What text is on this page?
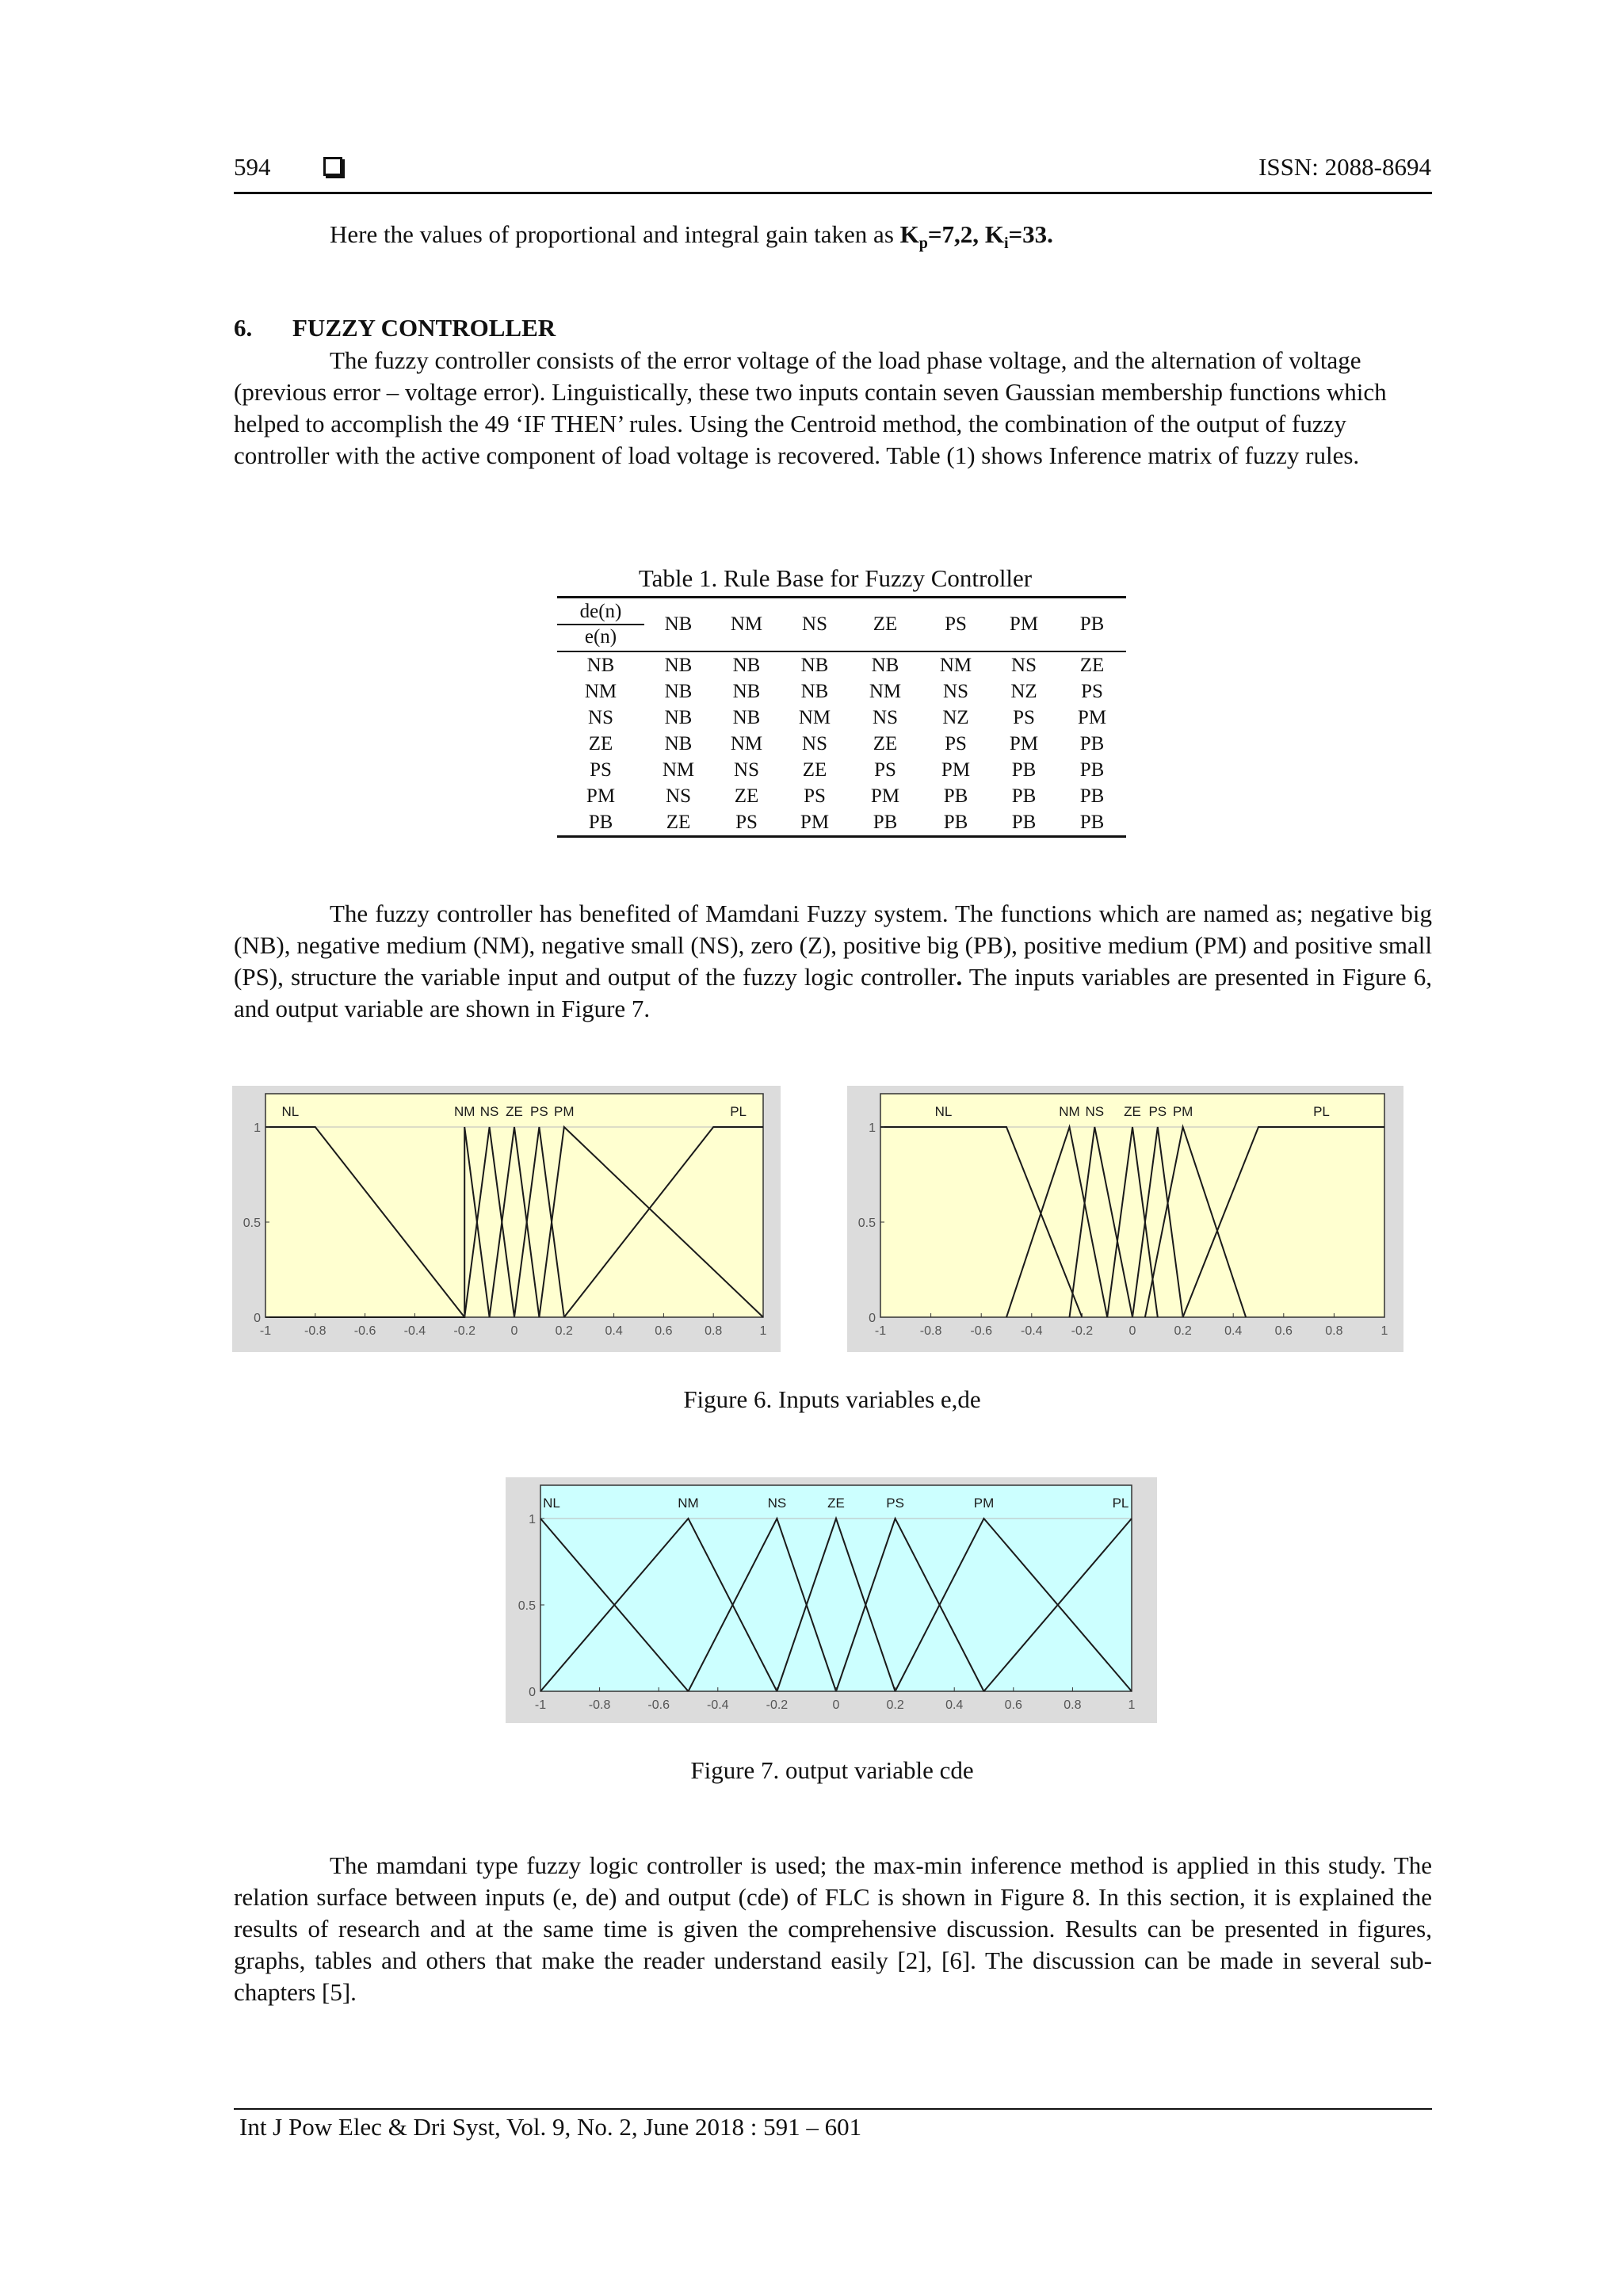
594	ISSN: 2088-8694
Here the values of proportional and integral gain taken as $K_p=7,2$, $K_i=33$.
6. FUZZY CONTROLLER
The fuzzy controller consists of the error voltage of the load phase voltage, and the alternation of voltage (previous error – voltage error). Linguistically, these two inputs contain seven Gaussian membership functions which helped to accomplish the 49 ‘IF THEN’ rules. Using the Centroid method, the combination of the output of fuzzy controller with the active component of load voltage is recovered. Table (1) shows Inference matrix of fuzzy rules.
Table 1. Rule Base for Fuzzy Controller
de(n)
e(n)	NB	NM	NS	ZE	PS	PM	PB
NB	NB	NB	NB	NB	NM	NS	ZE
NM	NB	NB	NB	NM	NS	NZ	PS
NS	NB	NB	NM	NS	NZ	PS	PM
ZE	NB	NM	NS	ZE	PS	PM	PB
PS	NM	NS	ZE	PS	PM	PB	PB
PM	NS	ZE	PS	PM	PB	PB	PB
PB	ZE	PS	PM	PB	PB	PB	PB
The fuzzy controller has benefited of Mamdani Fuzzy system. The functions which are named as; negative big (NB), negative medium (NM), negative small (NS), zero (Z), positive big (PB), positive medium (PM) and positive small (PS), structure the variable input and output of the fuzzy logic controller. The inputs variables are presented in Figure 6, and output variable are shown in Figure 7.
NL	NM NS ZE PS PM	PL
-1	-0.8 -0.6 -0.4 -0.2	0	0.2	0.4	0.6	0.8	1
0
0.5
1
NL	NM NS ZE PS PM	PL
-1	-0.8 -0.6 -0.4 -0.2	0	0.2	0.4	0.6	0.8	1
0
0.5
1
Figure 6. Inputs variables e,de
NL	NM	NS	ZE	PS	PM	PL
-1	-0.8	-0.6	-0.4	-0.2	0	0.2	0.4	0.6	0.8	1
0
0.5
1
Figure 7. output variable cde
The mamdani type fuzzy logic controller is used; the max-min inference method is applied in this study. The relation surface between inputs (e, de) and output (cde) of FLC is shown in Figure 8. In this section, it is explained the results of research and at the same time is given the comprehensive discussion. Results can be presented in figures, graphs, tables and others that make the reader understand easily [2], [6]. The discussion can be made in several sub-chapters [5].
Int J Pow Elec & Dri Syst, Vol. 9, No. 2, June 2018 : 591 – 601
